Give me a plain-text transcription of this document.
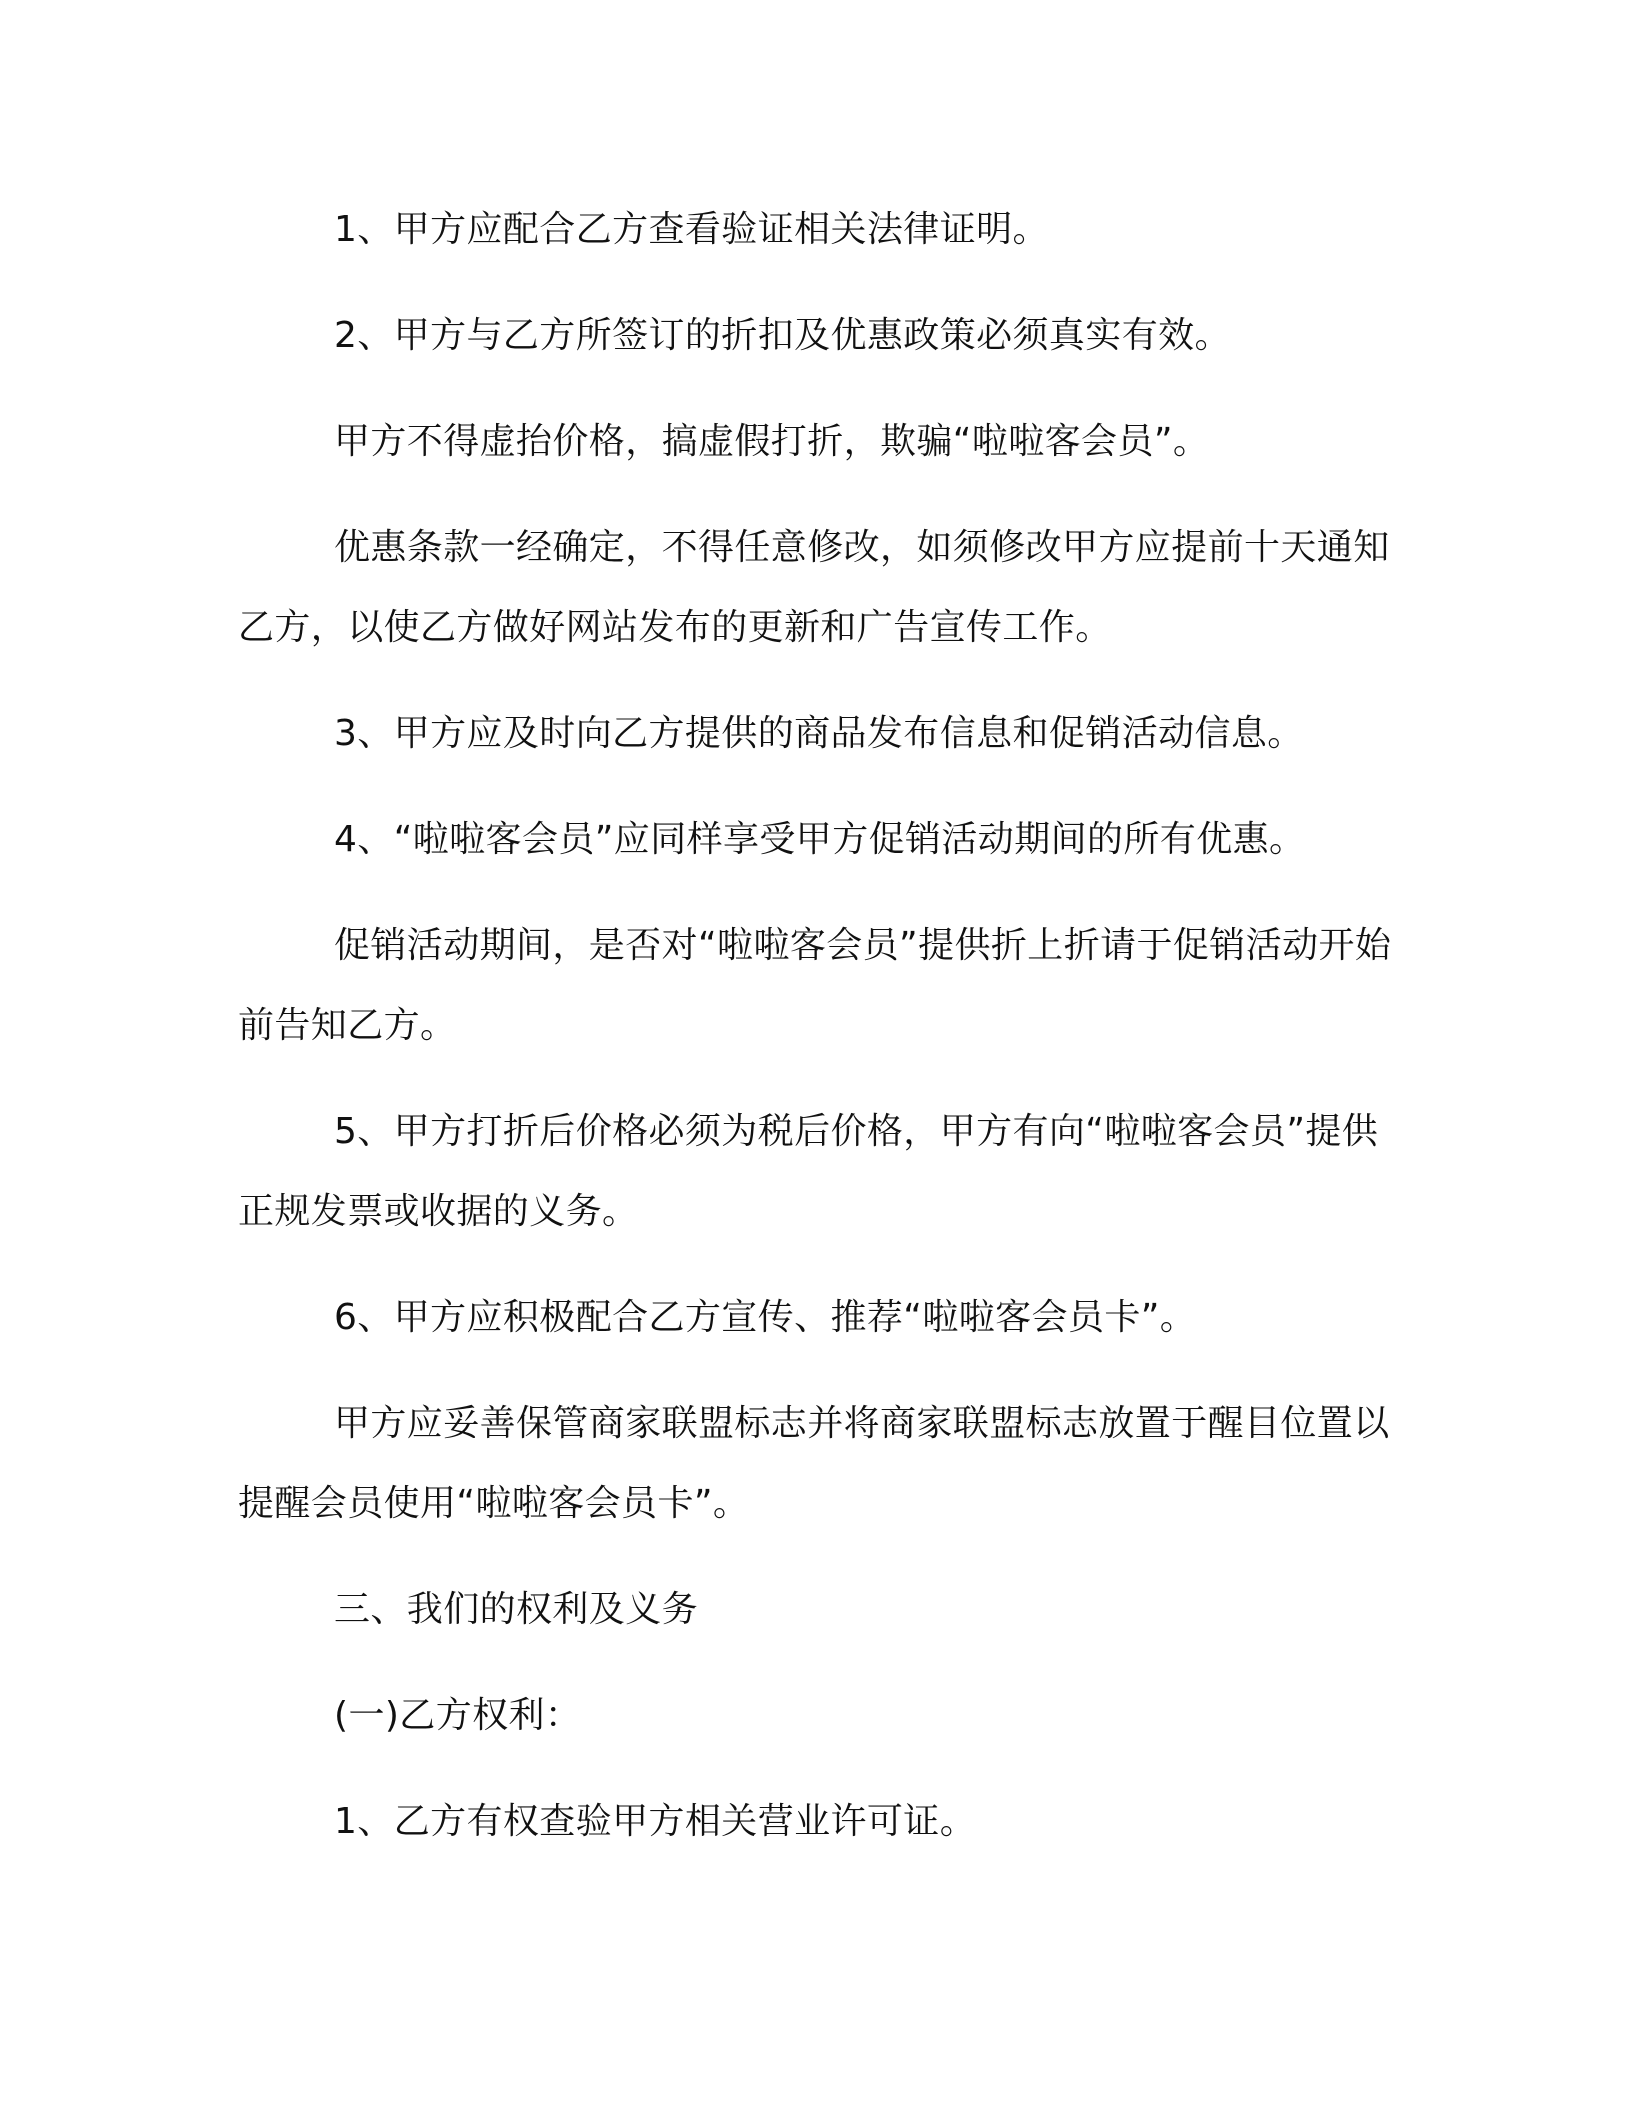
1、甲方应配合乙方查看验证相关法律证明。

2、甲方与乙方所签订的折扣及优惠政策必须真实有效。

甲方不得虚抬价格，搞虚假打折，欺骗“啦啦客会员”。

优惠条款一经确定，不得任意修改，如须修改甲方应提前十天通知乙方，以使乙方做好网站发布的更新和广告宣传工作。

3、甲方应及时向乙方提供的商品发布信息和促销活动信息。

4、“啦啦客会员”应同样享受甲方促销活动期间的所有优惠。

促销活动期间，是否对“啦啦客会员”提供折上折请于促销活动开始前告知乙方。

5、甲方打折后价格必须为税后价格，甲方有向“啦啦客会员”提供正规发票或收据的义务。

6、甲方应积极配合乙方宣传、推荐“啦啦客会员卡”。

甲方应妥善保管商家联盟标志并将商家联盟标志放置于醒目位置以提醒会员使用“啦啦客会员卡”。

三、我们的权利及义务

(一)乙方权利：

1、乙方有权查验甲方相关营业许可证。
